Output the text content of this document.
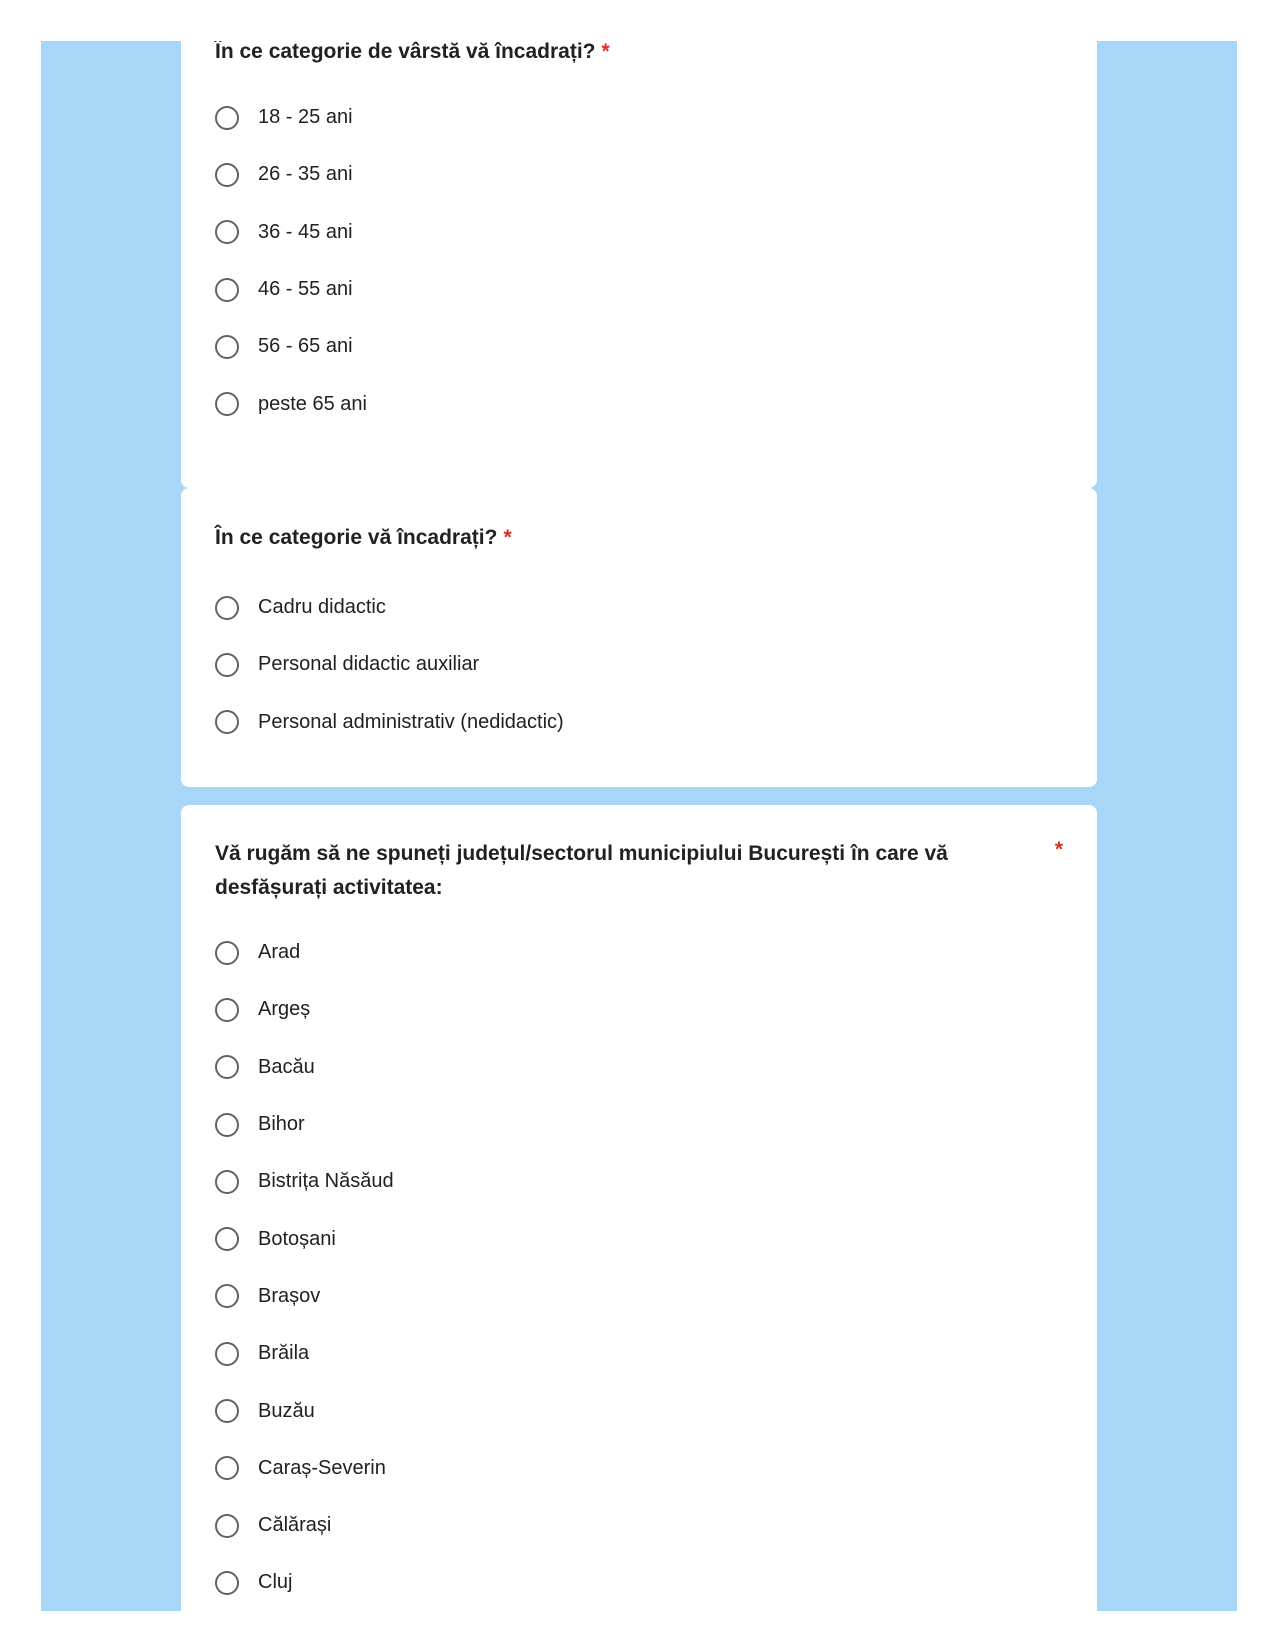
În ce categorie de vârstă vă încadrați? *
18 - 25 ani
26 - 35 ani
36 - 45 ani
46 - 55 ani
56 - 65 ani
peste 65 ani
În ce categorie vă încadrați? *
Cadru didactic
Personal didactic auxiliar
Personal administrativ (nedidactic)
Vă rugăm să ne spuneți județul/sectorul municipiului București în care vă desfășurați activitatea:
*
Arad
Argeș
Bacău
Bihor
Bistrița Năsăud
Botoșani
Brașov
Brăila
Buzău
Caraș-Severin
Călărași
Cluj
